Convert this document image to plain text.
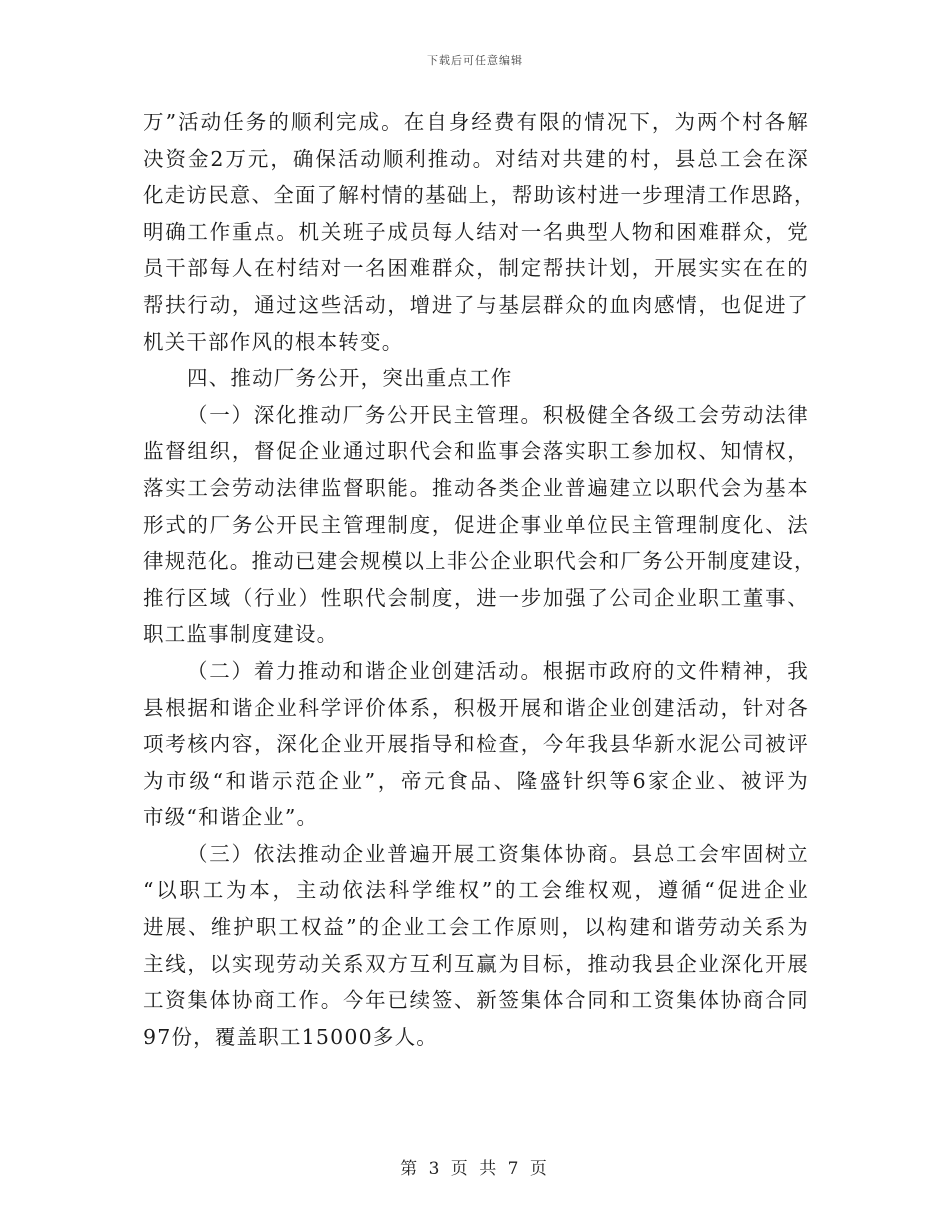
下载后可任意编辑
万”活动任务的顺利完成。在自身经费有限的情况下，为两个村各解
决资金2万元，确保活动顺利推动。对结对共建的村，县总工会在深
化走访民意、全面了解村情的基础上，帮助该村进一步理清工作思路，
明确工作重点。机关班子成员每人结对一名典型人物和困难群众，党
员干部每人在村结对一名困难群众，制定帮扶计划，开展实实在在的
帮扶行动，通过这些活动，增进了与基层群众的血肉感情，也促进了
机关干部作风的根本转变。
四、推动厂务公开，突出重点工作
（一）深化推动厂务公开民主管理。积极健全各级工会劳动法律
监督组织，督促企业通过职代会和监事会落实职工参加权、知情权，
落实工会劳动法律监督职能。推动各类企业普遍建立以职代会为基本
形式的厂务公开民主管理制度，促进企事业单位民主管理制度化、法
律规范化。推动已建会规模以上非公企业职代会和厂务公开制度建设，
推行区域（行业）性职代会制度，进一步加强了公司企业职工董事、
职工监事制度建设。
（二）着力推动和谐企业创建活动。根据市政府的文件精神，我
县根据和谐企业科学评价体系，积极开展和谐企业创建活动，针对各
项考核内容，深化企业开展指导和检查，今年我县华新水泥公司被评
为市级“和谐示范企业”，帝元食品、隆盛针织等6家企业、被评为
市级“和谐企业”。
（三）依法推动企业普遍开展工资集体协商。县总工会牢固树立
“以职工为本，主动依法科学维权”的工会维权观，遵循“促进企业
进展、维护职工权益”的企业工会工作原则，以构建和谐劳动关系为
主线，以实现劳动关系双方互利互赢为目标，推动我县企业深化开展
工资集体协商工作。今年已续签、新签集体合同和工资集体协商合同
97份，覆盖职工15000多人。
第 3 页 共 7 页
